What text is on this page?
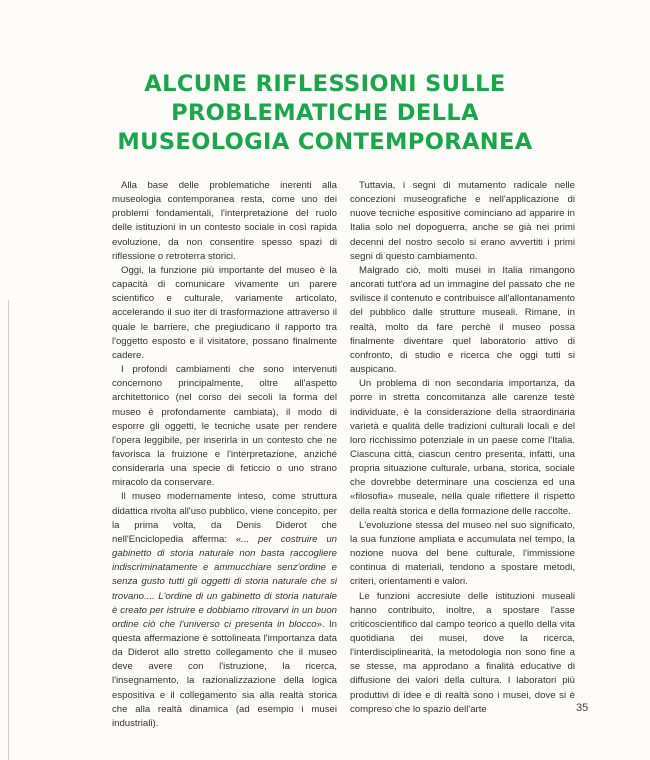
ALCUNE RIFLESSIONI SULLE
PROBLEMATICHE DELLA
MUSEOLOGIA CONTEMPORANEA

Alla base delle problematiche inerenti alla museologia contemporanea resta, come uno dei problemi fondamentali, l'interpretazione del ruolo delle istituzioni in un contesto sociale in così rapida evoluzione, da non consentire spesso spazi di riflessione o retroterra storici.

Oggi, la funzione più importante del museo è la capacità di comunicare vivamente un parere scientifico e culturale, variamente articolato, accelerando il suo iter di trasformazione attraverso il quale le barriere, che pregiudicano il rapporto tra l'oggetto esposto e il visitatore, possano finalmente cadere.

I profondi cambiamenti che sono intervenuti concernono principalmente, oltre all'aspetto architettonico (nel corso dei secoli la forma del museo è profondamente cambiata), il modo di esporre gli oggetti, le tecniche usate per rendere l'opera leggibile, per inserirla in un contesto che ne favorisca la fruizione e l'interpretazione, anziché considerarla una specie di feticcio o uno strano miracolo da conservare.

Il museo modernamente inteso, come struttura didattica rivolta all'uso pubblico, viene concepito, per la prima volta, da Denis Diderot che nell'Enciclopedia afferma: «... per costruire un gabinetto di storia naturale non basta raccogliere indiscriminatamente e ammucchiare senz'ordine e senza gusto tutti gli oggetti di storia naturale che si trovano.... L'ordine di un gabinetto di storia naturale è creato per istruire e dobbiamo ritrovarvi in un buon ordine ciò che l'universo ci presenta in blocco». In questa affermazione è sottolineata l'importanza data da Diderot allo stretto collegamento che il museo deve avere con l'istruzione, la ricerca, l'insegnamento, la razionalizzazione della logica espositiva e il collegamento sia alla realtà storica che alla realtà dinamica (ad esempio i musei industriali).

Tuttavia, i segni di mutamento radicale nelle concezioni museografiche e nell'applicazione di nuove tecniche espositive cominciano ad apparire in Italia solo nel dopoguerra, anche se già nei primi decenni del nostro secolo si erano avvertiti i primi segni di questo cambiamento.

Malgrado ciò, molti musei in Italia rimangono ancorati tutt'ora ad un immagine del passato che ne svilisce il contenuto e contribuisce all'allontanamento del pubblico dalle strutture museali. Rimane, in realtà, molto da fare perchè il museo possa finalmente diventare quel laboratorio attivo di confronto, di studio e ricerca che oggi tutti si auspicano.

Un problema di non secondaria importanza, da porre in stretta concomitanza alle carenze testè individuate, è la considerazione della straordinaria varietà e qualità delle tradizioni culturali locali e del loro ricchissimo potenziale in un paese come l'Italia. Ciascuna città, ciascun centro presenta, infatti, una propria situazione culturale, urbana, storica, sociale che dovrebbe determinare una coscienza ed una «filosofia» museale, nella quale riflettere il rispetto della realtà storica e della formazione delle raccolte.

L'evoluzione stessa del museo nel suo significato, la sua funzione ampliata e accumulata nel tempo, la nozione nuova del bene culturale, l'immissione continua di materiali, tendono a spostare metodi, criteri, orientamenti e valori.

Le funzioni accresiute delle istituzioni museali hanno contribuito, inoltre, a spostare l'asse criticoscientifico dal campo teorico a quello della vita quotidiana dei musei, dove la ricerca, l'interdisciplinearità, la metodologia non sono fine a se stesse, ma approdano a finalità educative di diffusione dei valori della cultura. I laboratori più produttivi di idee e di realtà sono i musei, dove si è compreso che lo spazio dell'arte	35
